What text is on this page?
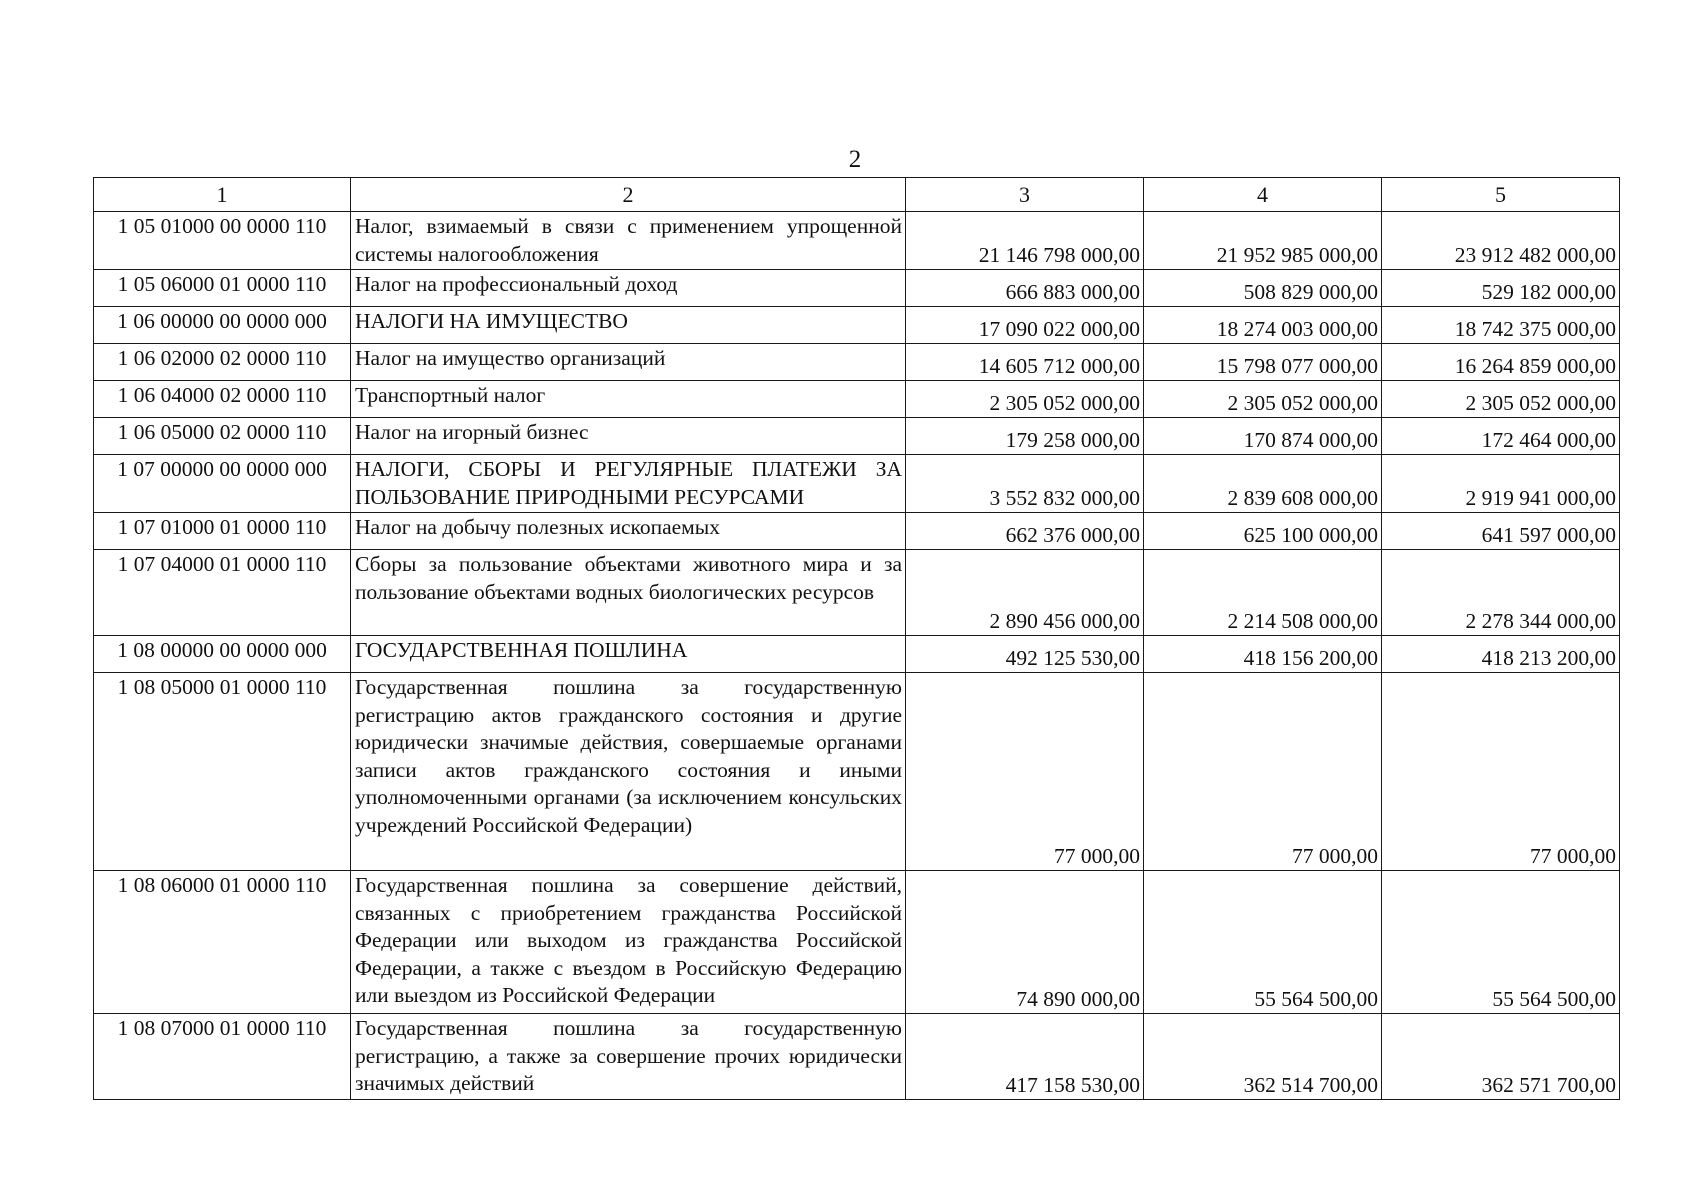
2
1	2	3	4	5
1 05 01000 00 0000 110	Налог, взимаемый в связи с применением упрощенной системы налогообложения	21 146 798 000,00	21 952 985 000,00	23 912 482 000,00
1 05 06000 01 0000 110	Налог на профессиональный доход	666 883 000,00	508 829 000,00	529 182 000,00
1 06 00000 00 0000 000	НАЛОГИ НА ИМУЩЕСТВО	17 090 022 000,00	18 274 003 000,00	18 742 375 000,00
1 06 02000 02 0000 110	Налог на имущество организаций	14 605 712 000,00	15 798 077 000,00	16 264 859 000,00
1 06 04000 02 0000 110	Транспортный налог	2 305 052 000,00	2 305 052 000,00	2 305 052 000,00
1 06 05000 02 0000 110	Налог на игорный бизнес	179 258 000,00	170 874 000,00	172 464 000,00
1 07 00000 00 0000 000	НАЛОГИ, СБОРЫ И РЕГУЛЯРНЫЕ ПЛАТЕЖИ ЗА ПОЛЬЗОВАНИЕ ПРИРОДНЫМИ РЕСУРСАМИ	3 552 832 000,00	2 839 608 000,00	2 919 941 000,00
1 07 01000 01 0000 110	Налог на добычу полезных ископаемых	662 376 000,00	625 100 000,00	641 597 000,00
1 07 04000 01 0000 110	Сборы за пользование объектами животного мира и за пользование объектами водных биологических ресурсов	2 890 456 000,00	2 214 508 000,00	2 278 344 000,00
1 08 00000 00 0000 000	ГОСУДАРСТВЕННАЯ ПОШЛИНА	492 125 530,00	418 156 200,00	418 213 200,00
1 08 05000 01 0000 110	Государственная пошлина за государственную регистрацию актов гражданского состояния и другие юридически значимые действия, совершаемые органами записи актов гражданского состояния и иными уполномоченными органами (за исключением консульских учреждений Российской Федерации)	77 000,00	77 000,00	77 000,00
1 08 06000 01 0000 110	Государственная пошлина за совершение действий, связанных с приобретением гражданства Российской Федерации или выходом из гражданства Российской Федерации, а также с въездом в Российскую Федерацию или выездом из Российской Федерации	74 890 000,00	55 564 500,00	55 564 500,00
1 08 07000 01 0000 110	Государственная пошлина за государственную регистрацию, а также за совершение прочих юридически значимых действий	417 158 530,00	362 514 700,00	362 571 700,00
